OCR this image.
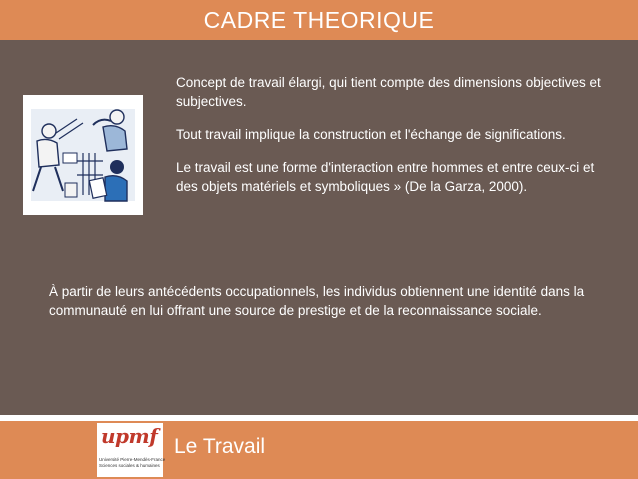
CADRE THEORIQUE

Concept de travail élargi, qui tient compte des dimensions objectives et subjectives.

Tout travail implique la construction et l'échange de significations.

Le travail est une forme d'interaction entre hommes et entre ceux-ci et des objets matériels et symboliques » (De la Garza, 2000).

À partir de leurs antécédents occupationnels, les individus obtiennent une identité dans la communauté en lui offrant une source de prestige et de la reconnaissance sociale.

Le Travail
upmf
Université Pierre-Mendès-France
Sciences sociales & humaines
